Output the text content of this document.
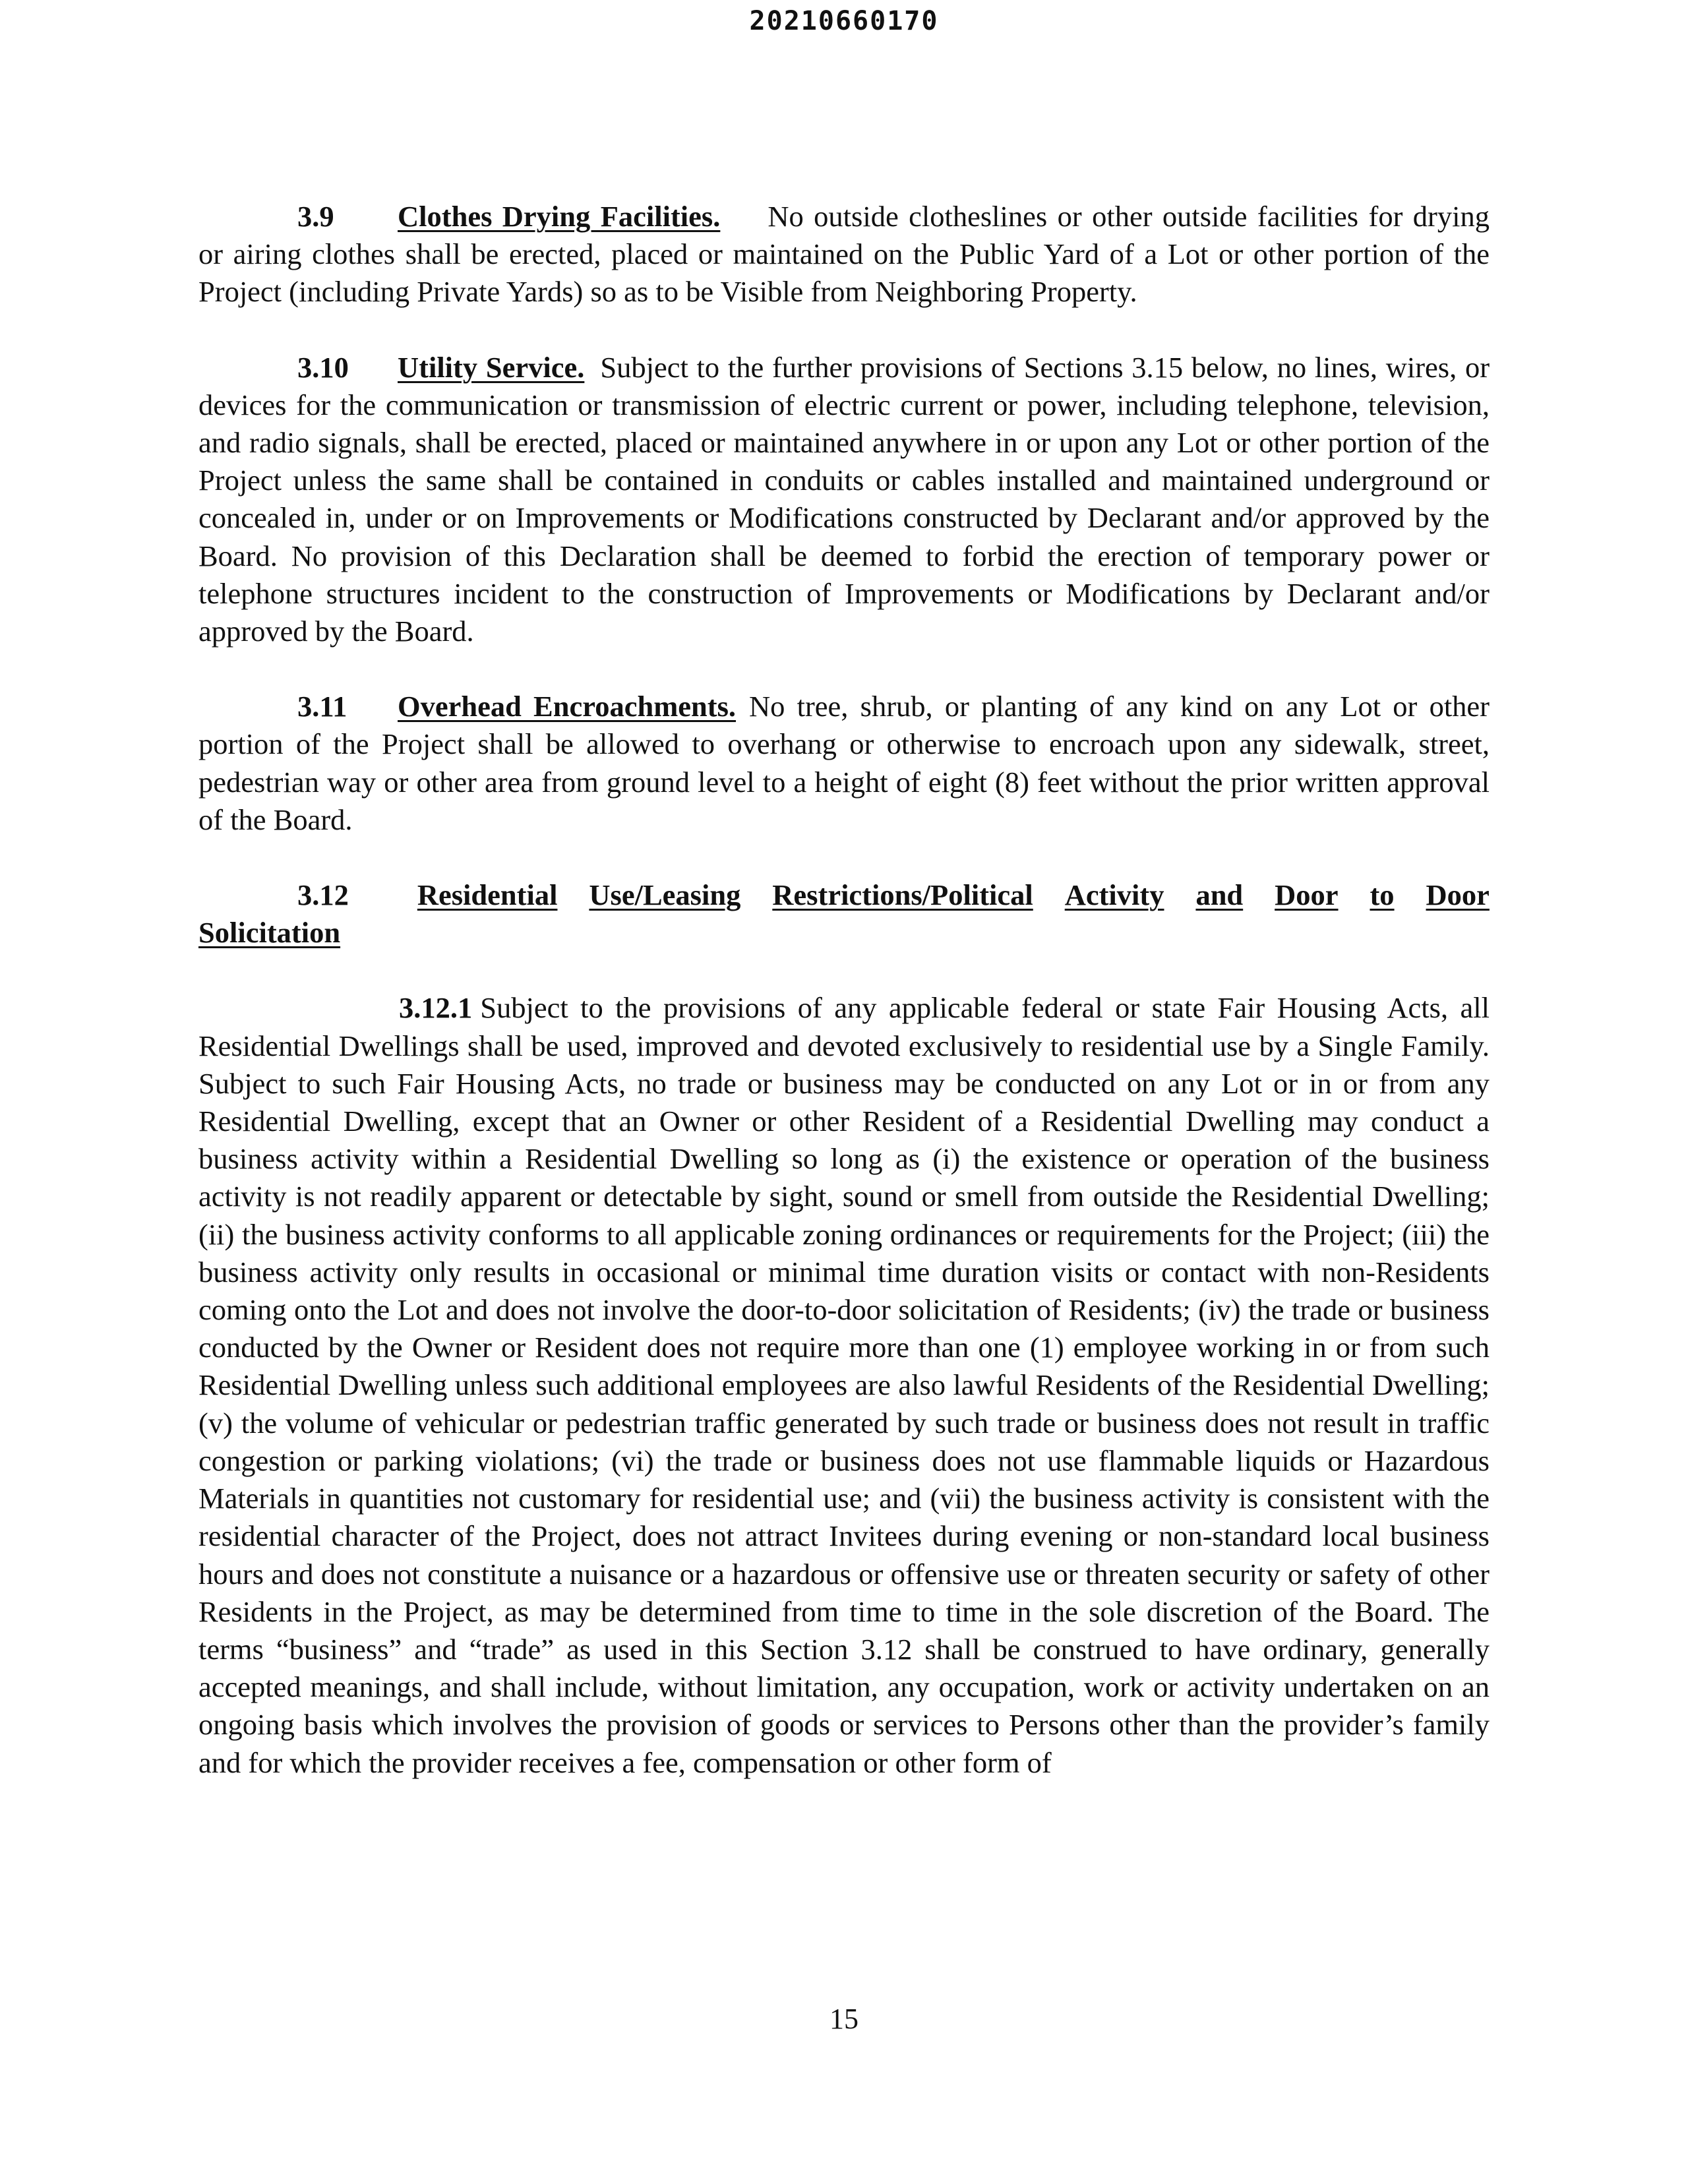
20210660170

3.9 Clothes Drying Facilities. No outside clotheslines or other outside facilities for drying or airing clothes shall be erected, placed or maintained on the Public Yard of a Lot or other portion of the Project (including Private Yards) so as to be Visible from Neighboring Property.

3.10 Utility Service. Subject to the further provisions of Sections 3.15 below, no lines, wires, or devices for the communication or transmission of electric current or power, including telephone, television, and radio signals, shall be erected, placed or maintained anywhere in or upon any Lot or other portion of the Project unless the same shall be contained in conduits or cables installed and maintained underground or concealed in, under or on Improvements or Modifications constructed by Declarant and/or approved by the Board. No provision of this Declaration shall be deemed to forbid the erection of temporary power or telephone structures incident to the construction of Improvements or Modifications by Declarant and/or approved by the Board.

3.11 Overhead Encroachments. No tree, shrub, or planting of any kind on any Lot or other portion of the Project shall be allowed to overhang or otherwise to encroach upon any sidewalk, street, pedestrian way or other area from ground level to a height of eight (8) feet without the prior written approval of the Board.

3.12 Residential Use/Leasing Restrictions/Political Activity and Door to Door
Solicitation

3.12.1 Subject to the provisions of any applicable federal or state Fair Housing Acts, all Residential Dwellings shall be used, improved and devoted exclusively to residential use by a Single Family. Subject to such Fair Housing Acts, no trade or business may be conducted on any Lot or in or from any Residential Dwelling, except that an Owner or other Resident of a Residential Dwelling may conduct a business activity within a Residential Dwelling so long as (i) the existence or operation of the business activity is not readily apparent or detectable by sight, sound or smell from outside the Residential Dwelling; (ii) the business activity conforms to all applicable zoning ordinances or requirements for the Project; (iii) the business activity only results in occasional or minimal time duration visits or contact with non-Residents coming onto the Lot and does not involve the door-to-door solicitation of Residents; (iv) the trade or business conducted by the Owner or Resident does not require more than one (1) employee working in or from such Residential Dwelling unless such additional employees are also lawful Residents of the Residential Dwelling; (v) the volume of vehicular or pedestrian traffic generated by such trade or business does not result in traffic congestion or parking violations; (vi) the trade or business does not use flammable liquids or Hazardous Materials in quantities not customary for residential use; and (vii) the business activity is consistent with the residential character of the Project, does not attract Invitees during evening or non-standard local business hours and does not constitute a nuisance or a hazardous or offensive use or threaten security or safety of other Residents in the Project, as may be determined from time to time in the sole discretion of the Board. The terms “business” and “trade” as used in this Section 3.12 shall be construed to have ordinary, generally accepted meanings, and shall include, without limitation, any occupation, work or activity undertaken on an ongoing basis which involves the provision of goods or services to Persons other than the provider’s family and for which the provider receives a fee, compensation or other form of

15
